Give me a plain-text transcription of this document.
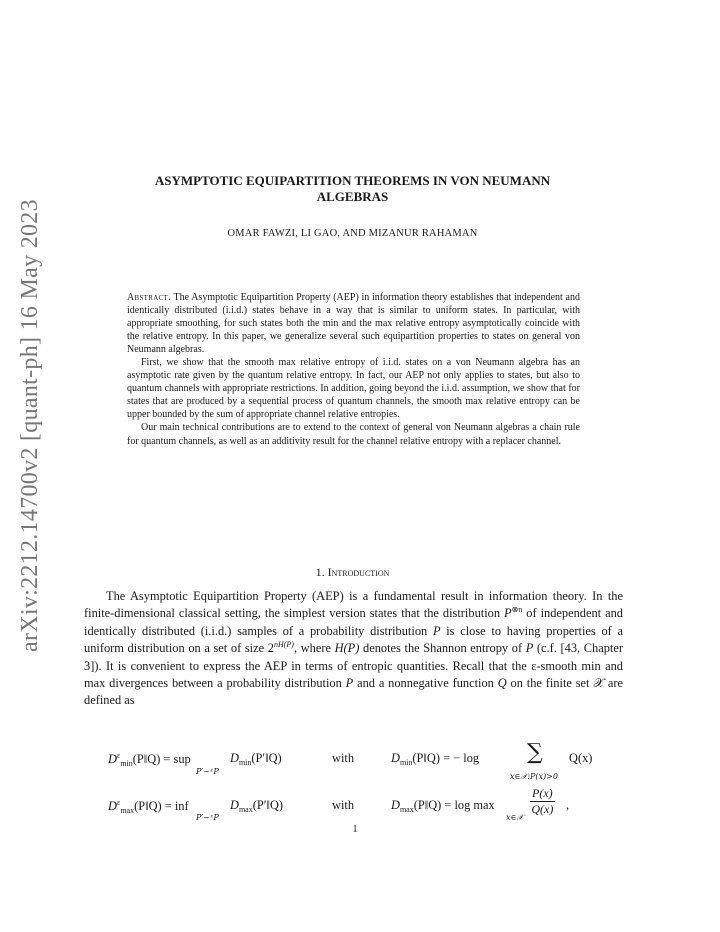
arXiv:2212.14700v2 [quant-ph] 16 May 2023
ASYMPTOTIC EQUIPARTITION THEOREMS IN VON NEUMANN
ALGEBRAS
OMAR FAWZI, LI GAO, AND MIZANUR RAHAMAN

Abstract. The Asymptotic Equipartition Property (AEP) in information theory establishes that independent and identically distributed (i.i.d.) states behave in a way that is similar to uniform states. In particular, with appropriate smoothing, for such states both the min and the max relative entropy asymptotically coincide with the relative entropy. In this paper, we generalize several such equipartition properties to states on general von Neumann algebras.

First, we show that the smooth max relative entropy of i.i.d. states on a von Neumann algebra has an asymptotic rate given by the quantum relative entropy. In fact, our AEP not only applies to states, but also to quantum channels with appropriate restrictions. In addition, going beyond the i.i.d. assumption, we show that for states that are produced by a sequential process of quantum channels, the smooth max relative entropy can be upper bounded by the sum of appropriate channel relative entropies.

Our main technical contributions are to extend to the context of general von Neumann algebras a chain rule for quantum channels, as well as an additivity result for the channel relative entropy with a replacer channel.

1. Introduction

The Asymptotic Equipartition Property (AEP) is a fundamental result in information theory. In the finite-dimensional classical setting, the simplest version states that the distribution $P^{\otimes n}$ of independent and identically distributed (i.i.d.) samples of a probability distribution P is close to having properties of a uniform distribution on a set of size $2^{nH(P)}$, where H(P) denotes the Shannon entropy of P (c.f. [43, Chapter 3]). It is convenient to express the AEP in terms of entropic quantities. Recall that the ε-smooth min and max divergences between a probability distribution P and a nonnegative function Q on the finite set 𝒳 are defined as

$D^\varepsilon_{min}(P‖Q)$ = sup
P′∼ᵋP
$D_{min}(P'‖Q)$	with	$D_{min}(P‖Q)$ = − log ∑
x∈𝒳:P(x)>0
Q(x)
$D^\varepsilon_{max}(P‖Q)$ = inf
P′∼ᵋP
$D_{max}(P'‖Q)$	with	$D_{max}(P‖Q) = \log \max$
x∈𝒳
$\frac{P(x)}{Q(x)}$ ,
1
